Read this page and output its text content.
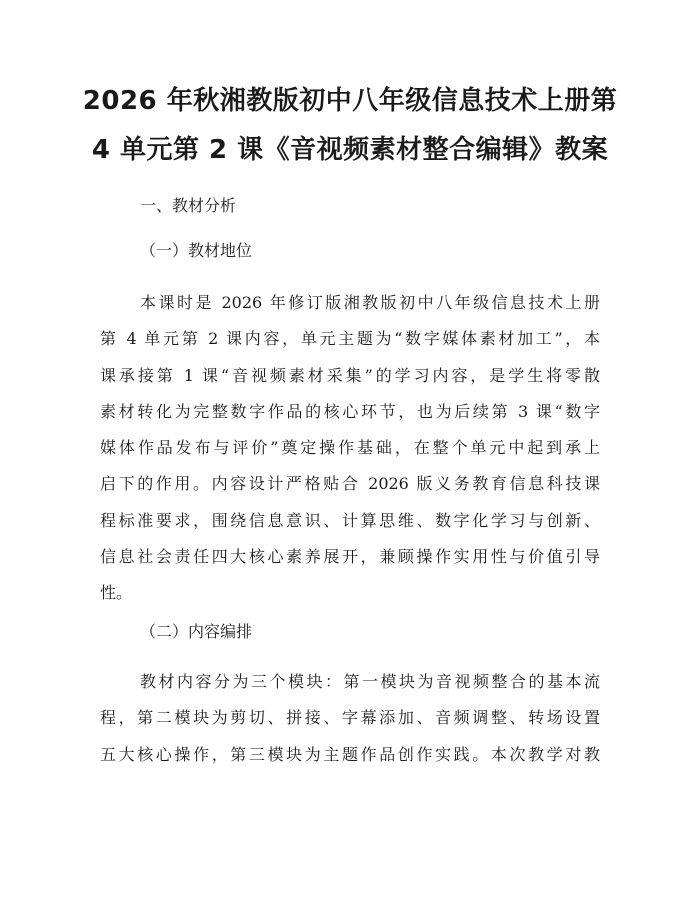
2026 年秋湘教版初中八年级信息技术上册第
4 单元第 2 课《音视频素材整合编辑》教案

一、教材分析

（一）教材地位

本课时是 2026 年修订版湘教版初中八年级信息技术上册
第 4 单元第 2 课内容，单元主题为“数字媒体素材加工”，本
课承接第 1 课“音视频素材采集”的学习内容，是学生将零散
素材转化为完整数字作品的核心环节，也为后续第 3 课“数字
媒体作品发布与评价”奠定操作基础，在整个单元中起到承上
启下的作用。内容设计严格贴合 2026 版义务教育信息科技课
程标准要求，围绕信息意识、计算思维、数字化学习与创新、
信息社会责任四大核心素养展开，兼顾操作实用性与价值引导
性。

（二）内容编排

教材内容分为三个模块：第一模块为音视频整合的基本流
程，第二模块为剪切、拼接、字幕添加、音频调整、转场设置
五大核心操作，第三模块为主题作品创作实践。本次教学对教
